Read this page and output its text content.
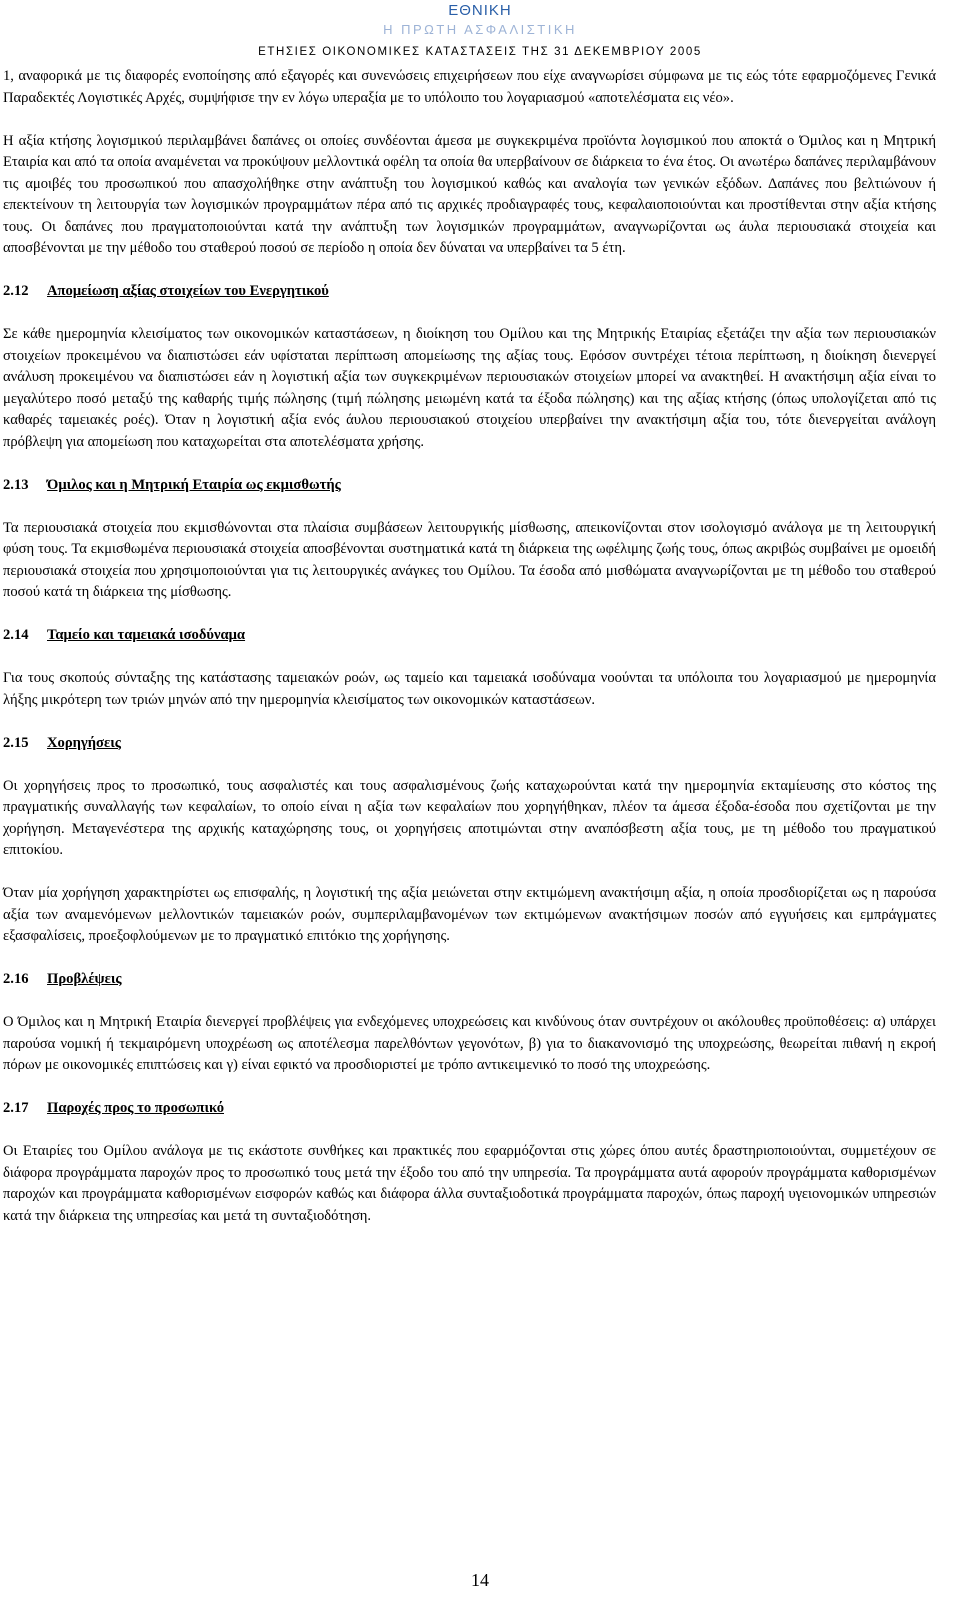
ΕΘΝΙΚΗ
Η ΠΡΩΤΗ ΑΣΦΑΛΙΣΤΙΚΗ
ΕΤΗΣΙΕΣ ΟΙΚΟΝΟΜΙΚΕΣ ΚΑΤΑΣΤΑΣΕΙΣ ΤΗΣ 31 ΔΕΚΕΜΒΡΙΟΥ 2005

1, αναφορικά με τις διαφορές ενοποίησης από εξαγορές και συνενώσεις επιχειρήσεων που είχε αναγνωρίσει σύμφωνα με τις εώς τότε εφαρμοζόμενες Γενικά Παραδεκτές Λογιστικές Αρχές, συμψήφισε την εν λόγω υπεραξία με το υπόλοιπο του λογαριασμού «αποτελέσματα εις νέο».

Η αξία κτήσης λογισμικού περιλαμβάνει δαπάνες οι οποίες συνδέονται άμεσα με συγκεκριμένα προϊόντα λογισμικού που αποκτά ο Όμιλος και η Μητρική Εταιρία και από τα οποία αναμένεται να προκύψουν μελλοντικά οφέλη τα οποία θα υπερβαίνουν σε διάρκεια το ένα έτος. Οι ανωτέρω δαπάνες περιλαμβάνουν τις αμοιβές του προσωπικού που απασχολήθηκε στην ανάπτυξη του λογισμικού καθώς και αναλογία των γενικών εξόδων. Δαπάνες που βελτιώνουν ή επεκτείνουν τη λειτουργία των λογισμικών προγραμμάτων πέρα από τις αρχικές προδιαγραφές τους, κεφαλαιοποιούνται και προστίθενται στην αξία κτήσης τους. Οι δαπάνες που πραγματοποιούνται κατά την ανάπτυξη των λογισμικών προγραμμάτων, αναγνωρίζονται ως άυλα περιουσιακά στοιχεία και αποσβένονται με την μέθοδο του σταθερού ποσού σε περίοδο η οποία δεν δύναται να υπερβαίνει τα 5 έτη.

2.12 Απομείωση αξίας στοιχείων του Ενεργητικού

Σε κάθε ημερομηνία κλεισίματος των οικονομικών καταστάσεων, η διοίκηση του Ομίλου και της Μητρικής Εταιρίας εξετάζει την αξία των περιουσιακών στοιχείων προκειμένου να διαπιστώσει εάν υφίσταται περίπτωση απομείωσης της αξίας τους. Εφόσον συντρέχει τέτοια περίπτωση, η διοίκηση διενεργεί ανάλυση προκειμένου να διαπιστώσει εάν η λογιστική αξία των συγκεκριμένων περιουσιακών στοιχείων μπορεί να ανακτηθεί. Η ανακτήσιμη αξία είναι το μεγαλύτερο ποσό μεταξύ της καθαρής τιμής πώλησης (τιμή πώλησης μειωμένη κατά τα έξοδα πώλησης) και της αξίας κτήσης (όπως υπολογίζεται από τις καθαρές ταμειακές ροές). Όταν η λογιστική αξία ενός άυλου περιουσιακού στοιχείου υπερβαίνει την ανακτήσιμη αξία του, τότε διενεργείται ανάλογη πρόβλεψη για απομείωση που καταχωρείται στα αποτελέσματα χρήσης.

2.13 Όμιλος και η Μητρική Εταιρία ως εκμισθωτής

Τα περιουσιακά στοιχεία που εκμισθώνονται στα πλαίσια συμβάσεων λειτουργικής μίσθωσης, απεικονίζονται στον ισολογισμό ανάλογα με τη λειτουργική φύση τους. Τα εκμισθωμένα περιουσιακά στοιχεία αποσβένονται συστηματικά κατά τη διάρκεια της ωφέλιμης ζωής τους, όπως ακριβώς συμβαίνει με ομοειδή περιουσιακά στοιχεία που χρησιμοποιούνται για τις λειτουργικές ανάγκες του Ομίλου. Τα έσοδα από μισθώματα αναγνωρίζονται με τη μέθοδο του σταθερού ποσού κατά τη διάρκεια της μίσθωσης.

2.14 Ταμείο και ταμειακά ισοδύναμα

Για τους σκοπούς σύνταξης της κατάστασης ταμειακών ροών, ως ταμείο και ταμειακά ισοδύναμα νοούνται τα υπόλοιπα του λογαριασμού με ημερομηνία λήξης μικρότερη των τριών μηνών από την ημερομηνία κλεισίματος των οικονομικών καταστάσεων.

2.15 Χορηγήσεις

Οι χορηγήσεις προς το προσωπικό, τους ασφαλιστές και τους ασφαλισμένους ζωής καταχωρούνται κατά την ημερομηνία εκταμίευσης στο κόστος της πραγματικής συναλλαγής των κεφαλαίων, το οποίο είναι η αξία των κεφαλαίων που χορηγήθηκαν, πλέον τα άμεσα έξοδα-έσοδα που σχετίζονται με την χορήγηση. Μεταγενέστερα της αρχικής καταχώρησης τους, οι χορηγήσεις αποτιμώνται στην αναπόσβεστη αξία τους, με τη μέθοδο του πραγματικού επιτοκίου.

Όταν μία χορήγηση χαρακτηρίστει ως επισφαλής, η λογιστική της αξία μειώνεται στην εκτιμώμενη ανακτήσιμη αξία, η οποία προσδιορίζεται ως η παρούσα αξία των αναμενόμενων μελλοντικών ταμειακών ροών, συμπεριλαμβανομένων των εκτιμώμενων ανακτήσιμων ποσών από εγγυήσεις και εμπράγματες εξασφαλίσεις, προεξοφλούμενων με το πραγματικό επιτόκιο της χορήγησης.

2.16 Προβλέψεις

Ο Όμιλος και η Μητρική Εταιρία διενεργεί προβλέψεις για ενδεχόμενες υποχρεώσεις και κινδύνους όταν συντρέχουν οι ακόλουθες προϋποθέσεις: α) υπάρχει παρούσα νομική ή τεκμαιρόμενη υποχρέωση ως αποτέλεσμα παρελθόντων γεγονότων, β) για το διακανονισμό της υποχρεώσης, θεωρείται πιθανή η εκροή πόρων με οικονομικές επιπτώσεις και γ) είναι εφικτό να προσδιοριστεί με τρόπο αντικειμενικό το ποσό της υποχρεώσης.

2.17 Παροχές προς το προσωπικό

Οι Εταιρίες του Ομίλου ανάλογα με τις εκάστοτε συνθήκες και πρακτικές που εφαρμόζονται στις χώρες όπου αυτές δραστηριοποιούνται, συμμετέχουν σε διάφορα προγράμματα παροχών προς το προσωπικό τους μετά την έξοδο του από την υπηρεσία. Τα προγράμματα αυτά αφορούν προγράμματα καθορισμένων παροχών και προγράμματα καθορισμένων εισφορών καθώς και διάφορα άλλα συνταξιοδοτικά προγράμματα παροχών, όπως παροχή υγειονομικών υπηρεσιών κατά την διάρκεια της υπηρεσίας και μετά τη συνταξιοδότηση.

14
